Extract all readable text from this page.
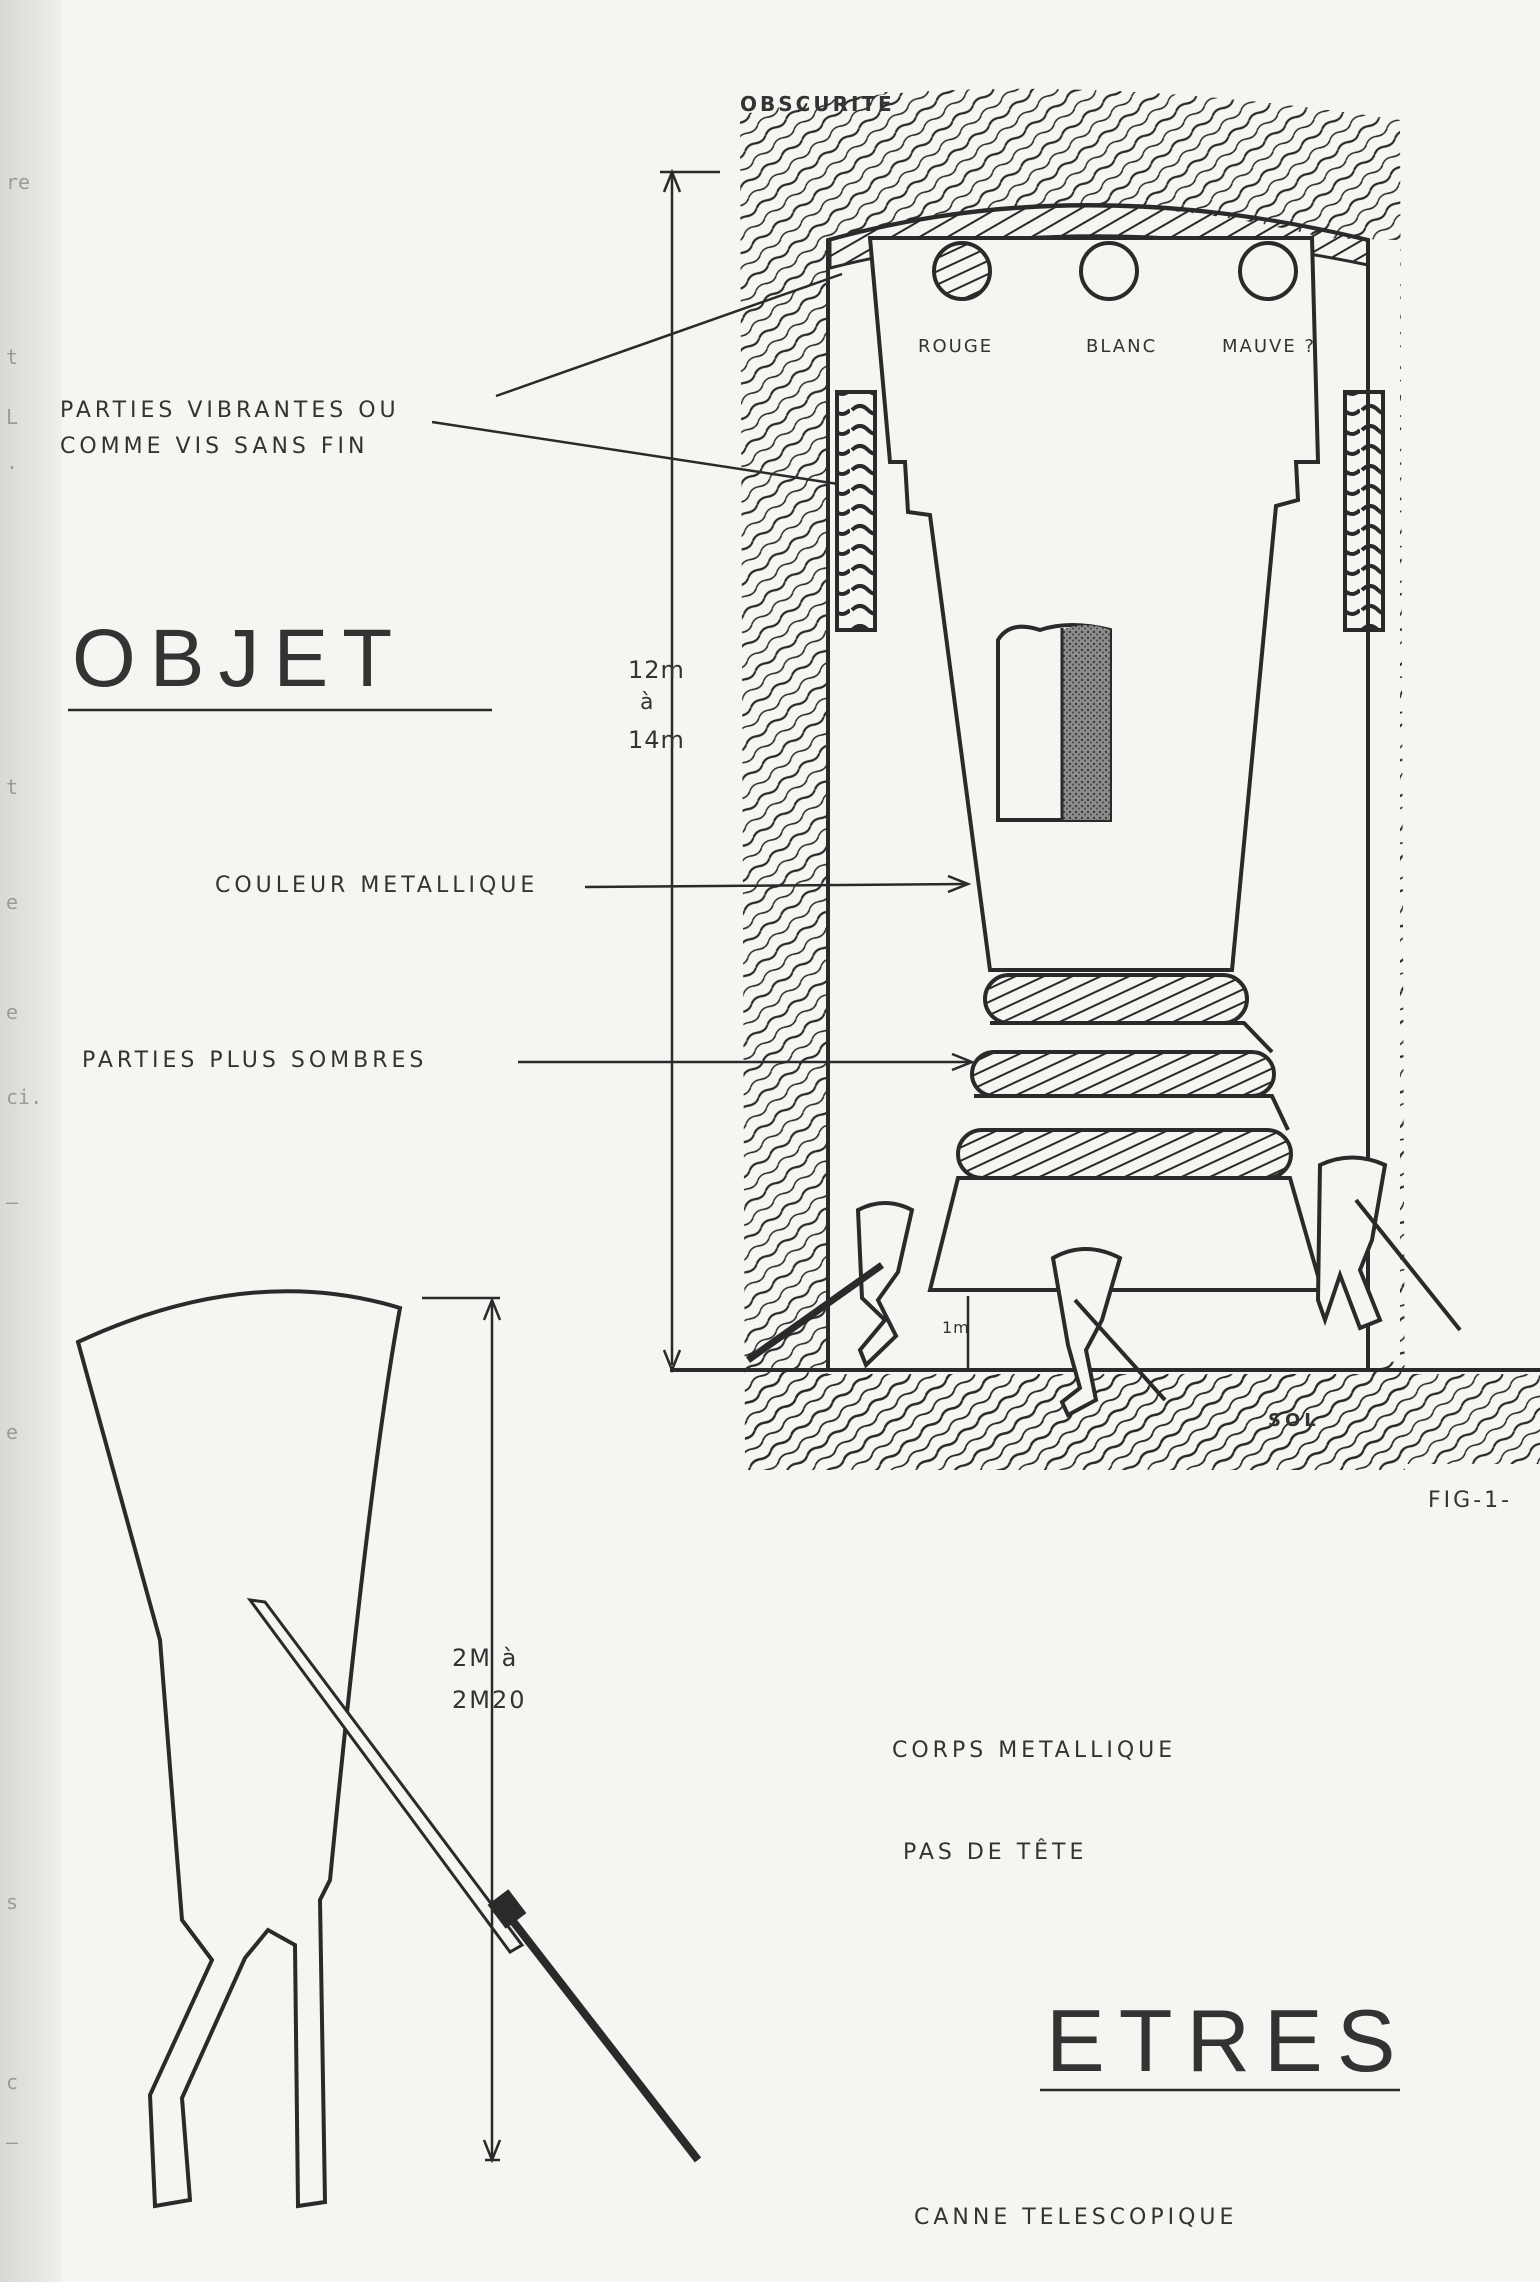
re
t
L
.
t
e
e
ci.
—
e
s
c
—
OBSCURITÉ
ROUGE	BLANC	MAUVE ?
PARTIES VIBRANTES OU
COMME VIS SANS FIN
OBJET	12m
à
14m
COULEUR METALLIQUE
PARTIES PLUS SOMBRES
1m
SOL
FIG-1-
2M à
2M20
CORPS METALLIQUE
PAS DE TÊTE
ETRES
CANNE TELESCOPIQUE
